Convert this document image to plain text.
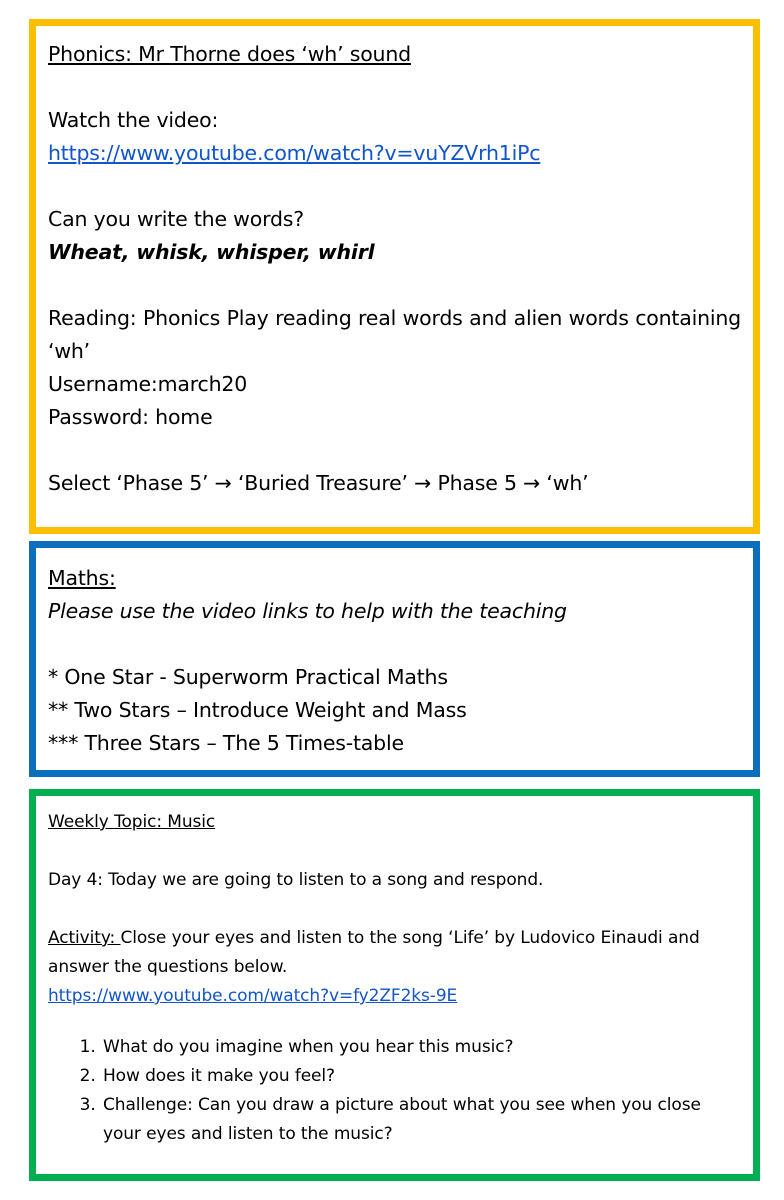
Phonics: Mr Thorne does ‘wh’ sound

Watch the video:

https://www.youtube.com/watch?v=vuYZVrh1iPc

Can you write the words?

Wheat, whisk, whisper, whirl

Reading: Phonics Play reading real words and alien words containing ‘wh’

Username:march20

Password: home

Select ‘Phase 5’ → ‘Buried Treasure’ → Phase 5 → ‘wh’

Maths:

Please use the video links to help with the teaching

* One Star - Superworm Practical Maths

** Two Stars – Introduce Weight and Mass

*** Three Stars – The 5 Times-table

Weekly Topic: Music

Day 4: Today we are going to listen to a song and respond.

Activity: Close your eyes and listen to the song ‘Life’ by Ludovico Einaudi and answer the questions below.

https://www.youtube.com/watch?v=fy2ZF2ks-9E

1. What do you imagine when you hear this music?
2. How does it make you feel?
3. Challenge: Can you draw a picture about what you see when you close your eyes and listen to the music?
